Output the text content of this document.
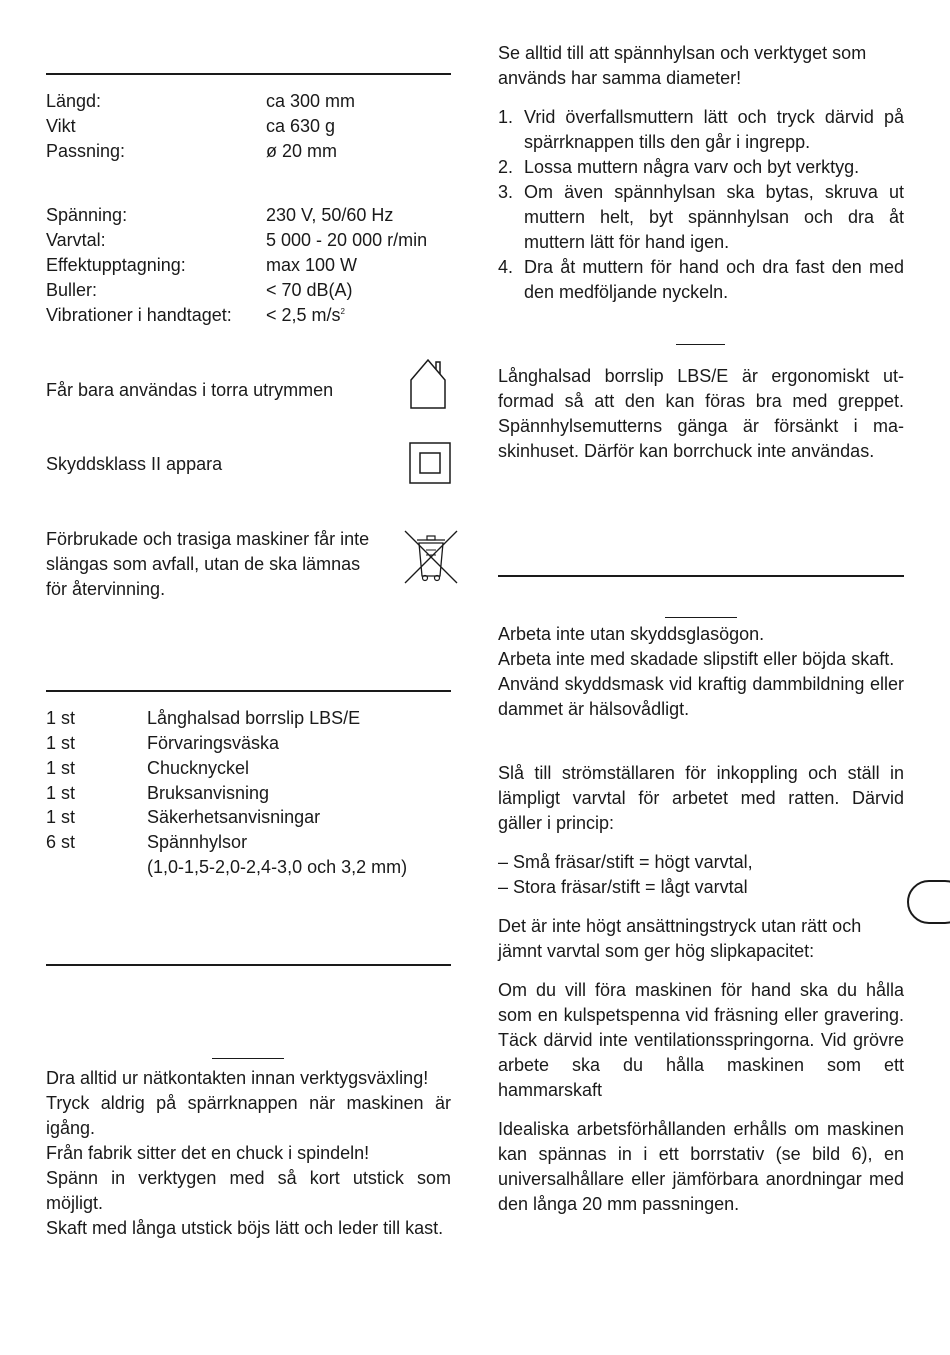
Längd:	ca 300 mm
Vikt	ca 630 g
Passning:	ø 20 mm
Spänning:	230 V, 50/60 Hz
Varvtal:	5 000 - 20 000 r/min
Effektupptagning:	max 100 W
Buller:	< 70 dB(A)
Vibrationer i handtaget: < 2,5 $m/s^2$
Får bara användas i torra utrymmen
Skyddsklass II appara
Förbrukade och trasiga maskiner får inte slängas som avfall, utan de ska lämnas för återvinning.
1 st	Långhalsad borrslip LBS/E
1 st	Förvaringsväska
1 st	Chucknyckel
1 st	Bruksanvisning
1 st	Säkerhetsanvisningar
6 st	Spännhylsor
(1,0-1,5-2,0-2,4-3,0 och 3,2 mm)

Dra alltid ur nätkontakten innan verktygsväxling!

Tryck aldrig på spärrknappen när maskinen är igång.

Från fabrik sitter det en chuck i spindeln!

Spänn in verktygen med så kort utstick som möjligt.

Skaft med långa utstick böjs lätt och leder till kast.

Se alltid till att spännhylsan och verktyget som används har samma diameter!
1. Vrid överfallsmuttern lätt och tryck därvid på spärrknappen tills den går i ingrepp.
2. Lossa muttern några varv och byt verktyg.
3. Om även spännhylsan ska bytas, skruva ut muttern helt, byt spännhylsan och dra åt muttern lätt för hand igen.
4. Dra åt muttern för hand och dra fast den med den medföljande nyckeln.
Långhalsad borrslip LBS/E är ergonomiskt utformad så att den kan föras bra med greppet. Spännhylsemutterns gänga är försänkt i maskinhuset. Därför kan borrchuck inte användas.

Arbeta inte utan skyddsglasögon.

Arbeta inte med skadade slipstift eller böjda skaft.

Använd skyddsmask vid kraftig dammbildning eller dammet är hälsovådligt.

Slå till strömställaren för inkoppling och ställ in lämpligt varvtal för arbetet med ratten. Därvid gäller i princip:

– Små fräsar/stift = högt varvtal,

– Stora fräsar/stift = lågt varvtal

Det är inte högt ansättningstryck utan rätt och jämnt varvtal som ger hög slipkapacitet:
Om du vill föra maskinen för hand ska du hålla som en kulspetspenna vid fräsning eller gravering. Täck därvid inte ventilationsspringorna. Vid grövre arbete ska du hålla maskinen som ett hammarskaft
Idealiska arbetsförhållanden erhålls om maskinen kan spännas in i ett borrstativ (se bild 6), en universalhållare eller jämförbara anordningar med den långa 20 mm passningen.
